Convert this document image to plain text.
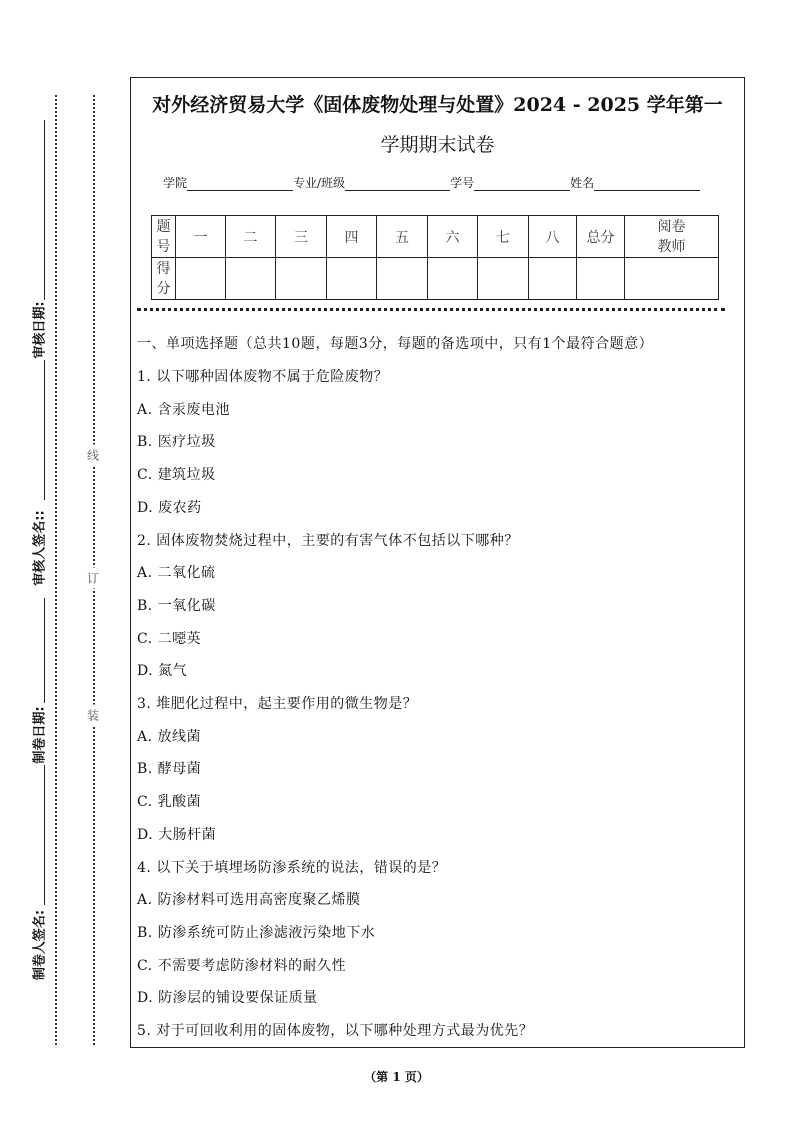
线
订
装
审核日期:
审核人签名::
制卷日期:
制卷人签名:
对外经济贸易大学《固体废物处理与处置》2024 - 2025 学年第一
学期期末试卷
学院	专业/班级	学号	姓名
题号	一	二	三	四	五	六	七	八	总分	阅卷
教师
得分										
一、单项选择题（总共10题，每题3分，每题的备选项中，只有1个最符合题意）
1. 以下哪种固体废物不属于危险废物？
A. 含汞废电池
B. 医疗垃圾
C. 建筑垃圾
D. 废农药
2. 固体废物焚烧过程中，主要的有害气体不包括以下哪种？
A. 二氧化硫
B. 一氧化碳
C. 二噁英
D. 氮气
3. 堆肥化过程中，起主要作用的微生物是？
A. 放线菌
B. 酵母菌
C. 乳酸菌
D. 大肠杆菌
4. 以下关于填埋场防渗系统的说法，错误的是？
A. 防渗材料可选用高密度聚乙烯膜
B. 防渗系统可防止渗滤液污染地下水
C. 不需要考虑防渗材料的耐久性
D. 防渗层的铺设要保证质量
5. 对于可回收利用的固体废物，以下哪种处理方式最为优先？
（第 1 页）
